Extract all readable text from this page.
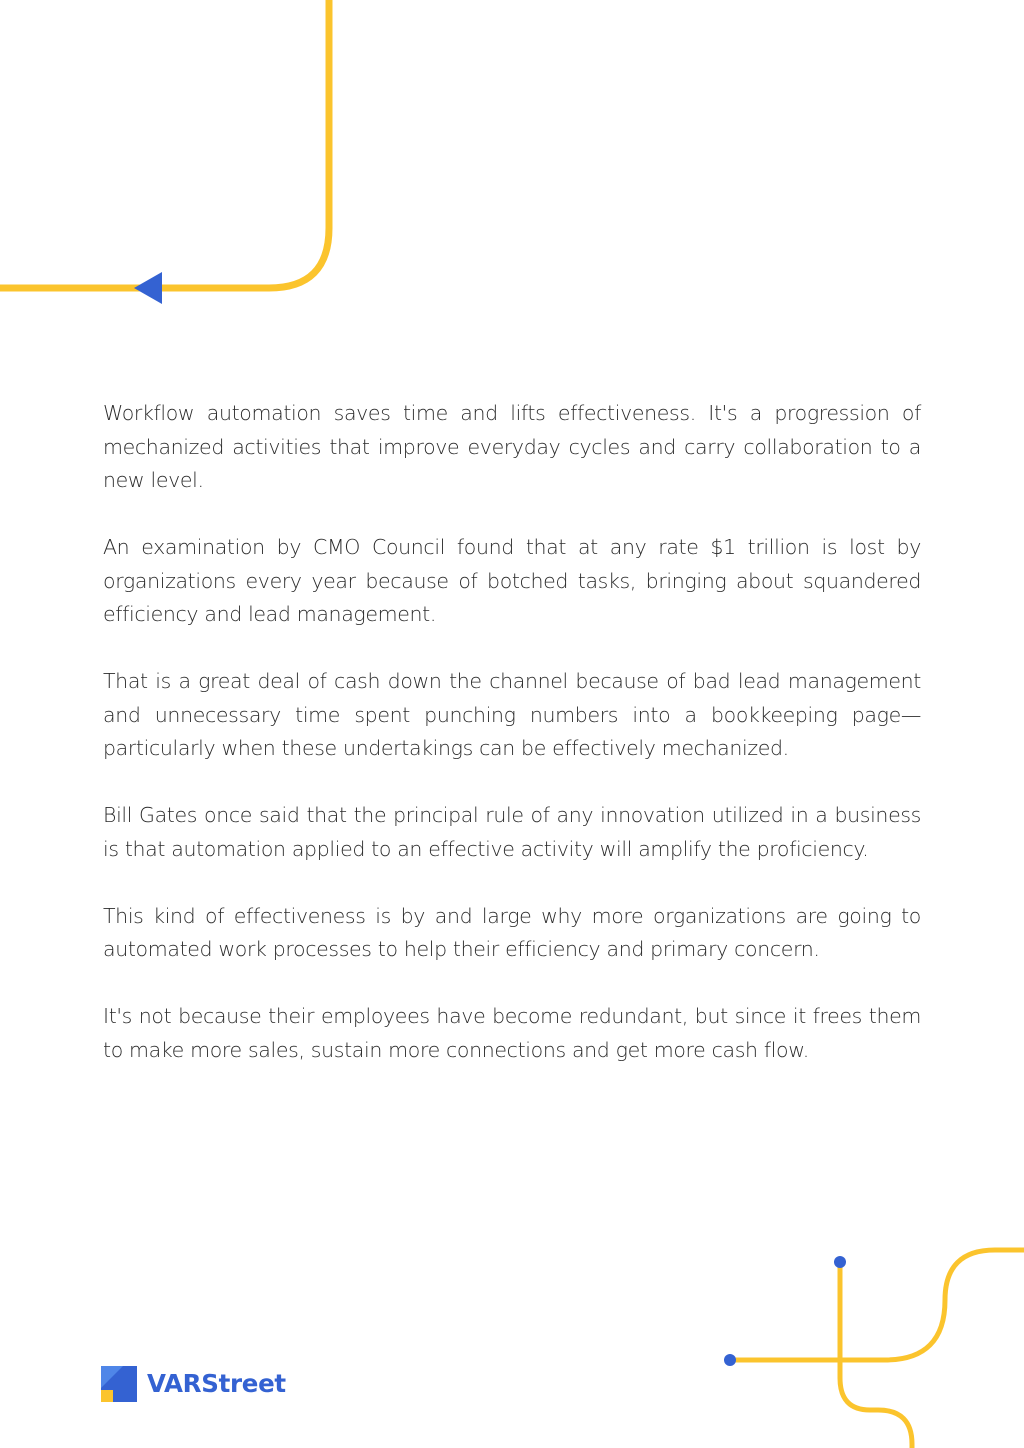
Workflow automation saves time and lifts effectiveness. It's a progression of mechanized activities that improve everyday cycles and carry collaboration to a new level.

An examination by CMO Council found that at any rate $1 trillion is lost by organizations every year because of botched tasks, bringing about squandered efficiency and lead management.

That is a great deal of cash down the channel because of bad lead management and unnecessary time spent punching numbers into a bookkeeping page—particularly when these undertakings can be effectively mechanized.

Bill Gates once said that the principal rule of any innovation utilized in a business is that automation applied to an effective activity will amplify the proficiency.

This kind of effectiveness is by and large why more organizations are going to automated work processes to help their efficiency and primary concern.

It's not because their employees have become redundant, but since it frees them to make more sales, sustain more connections and get more cash flow.

VARStreet
